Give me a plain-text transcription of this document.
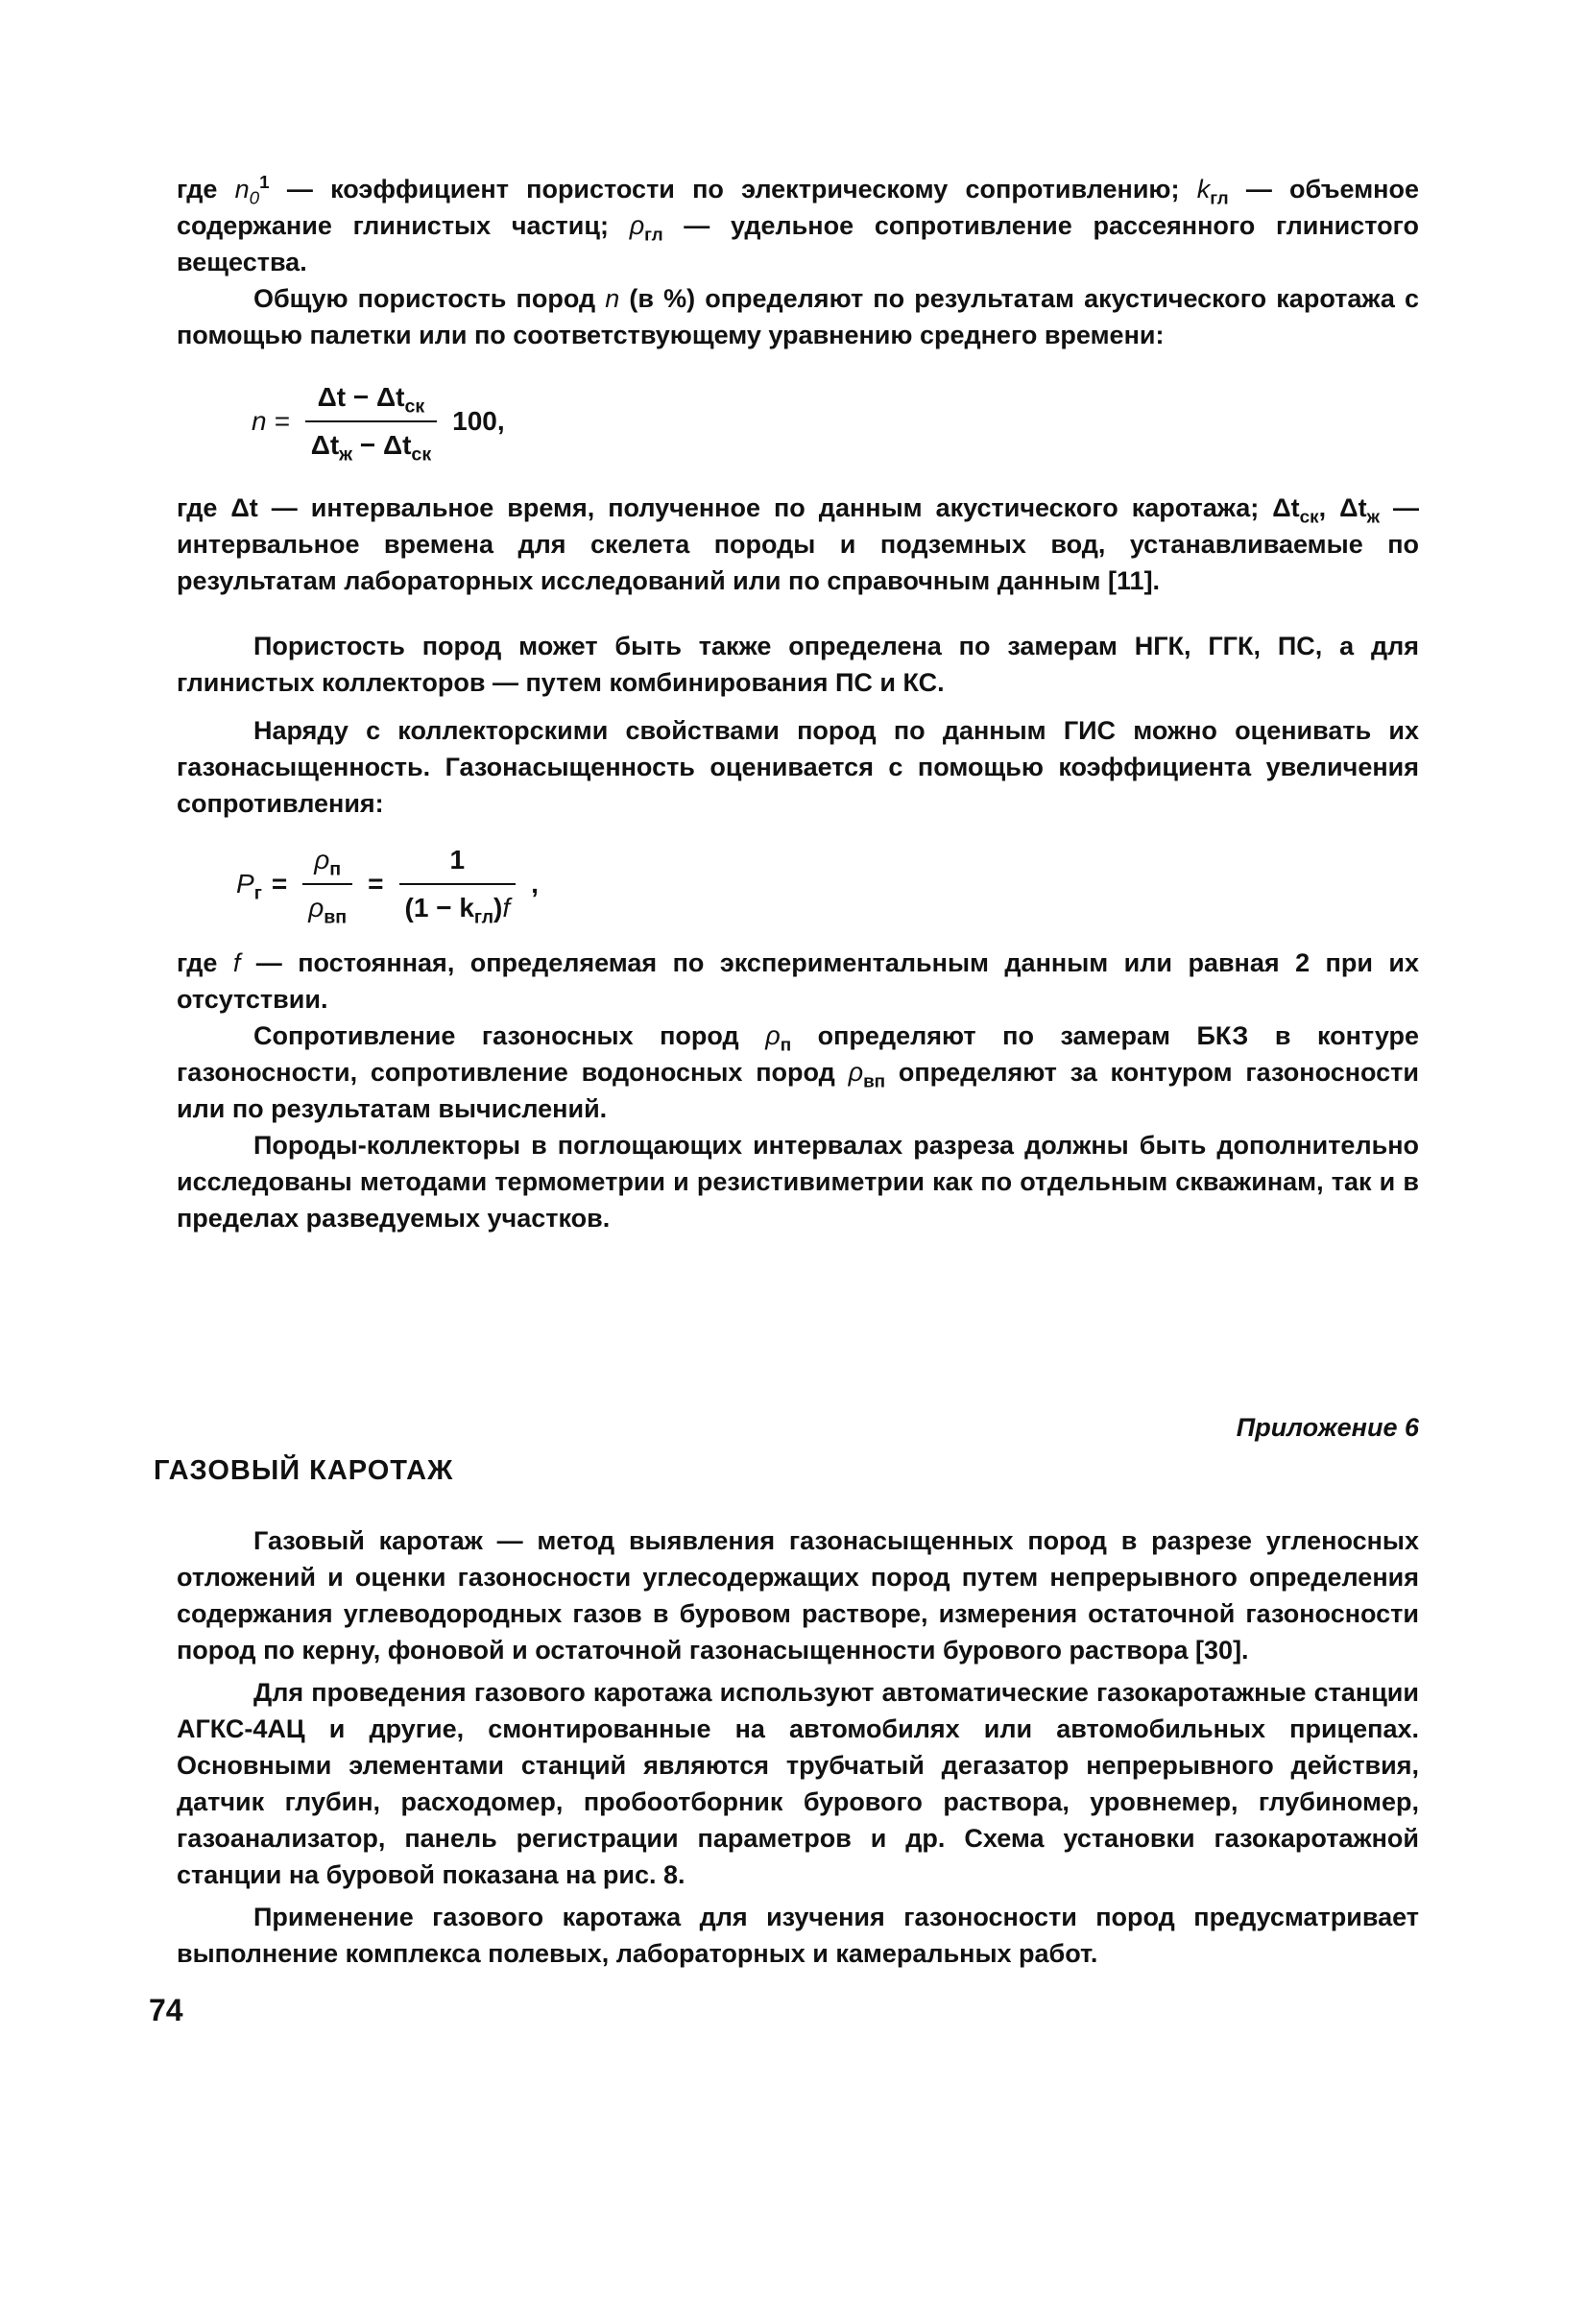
где $n_0^1$ — коэффициент пористости по электрическому сопротивлению; $k_{гл}$ — объемное содержание глинистых частиц; $\rho_{гл}$ — удельное сопротивление рассеянного глинистого вещества.

Общую пористость пород n (в %) определяют по результатам акустического каротажа с помощью палетки или по соответствующему уравнению среднего времени:

$n = \frac{\Delta t - \Delta t_{ск}}{\Delta t_ж - \Delta t_{ск}} 100$,

где Δt — интервальное время, полученное по данным акустического каротажа; $\Delta t_{ск}$, $\Delta t_ж$ — интервальное времена для скелета породы и подземных вод, устанавливаемые по результатам лабораторных исследований или по справочным данным [11].

Пористость пород может быть также определена по замерам НГК, ГГК, ПС, а для глинистых коллекторов — путем комбинирования ПС и КС.

Наряду с коллекторскими свойствами пород по данным ГИС можно оценивать их газонасыщенность. Газонасыщенность оценивается с помощью коэффициента увеличения сопротивления:

$P_г = \frac{\rho_п}{\rho_{вп}} = \frac{1}{(1 - k_{гл})f}$ ,

где f — постоянная, определяемая по экспериментальным данным или равная 2 при их отсутствии.

Сопротивление газоносных пород $\rho_п$ определяют по замерам БКЗ в контуре газоносности, сопротивление водоносных пород $\rho_{вп}$ определяют за контуром газоносности или по результатам вычислений.

Породы-коллекторы в поглощающих интервалах разреза должны быть дополнительно исследованы методами термометрии и резистивиметрии как по отдельным скважинам, так и в пределах разведуемых участков.

Приложение 6
ГАЗОВЫЙ КАРОТАЖ

Газовый каротаж — метод выявления газонасыщенных пород в разрезе угленосных отложений и оценки газоносности углесодержащих пород путем непрерывного определения содержания углеводородных газов в буровом растворе, измерения остаточной газоносности пород по керну, фоновой и остаточной газонасыщенности бурового раствора [30].

Для проведения газового каротажа используют автоматические газокаротажные станции АГКС-4АЦ и другие, смонтированные на автомобилях или автомобильных прицепах. Основными элементами станций являются трубчатый дегазатор непрерывного действия, датчик глубин, расходомер, пробоотборник бурового раствора, уровнемер, глубиномер, газоанализатор, панель регистрации параметров и др. Схема установки газокаротажной станции на буровой показана на рис. 8.

Применение газового каротажа для изучения газоносности пород предусматривает выполнение комплекса полевых, лабораторных и камеральных работ.

74
